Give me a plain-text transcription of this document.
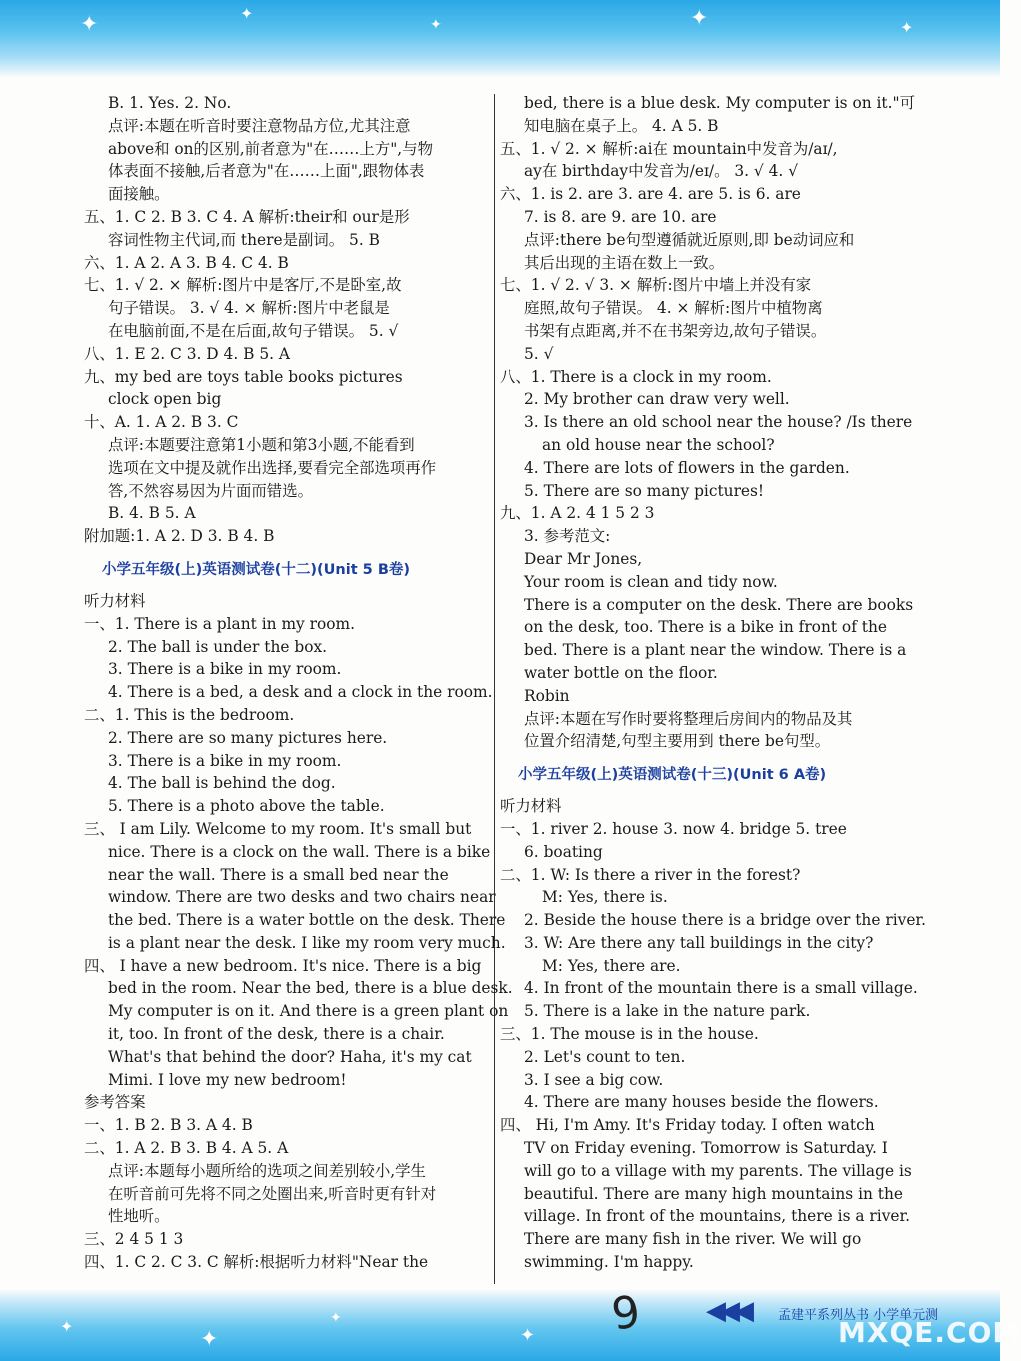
✦	✦
✦	✦	✦
B. 1. Yes. 2. No.
点评:本题在听音时要注意物品方位,尤其注意
above和 on的区别,前者意为"在……上方",与物
体表面不接触,后者意为"在……上面",跟物体表
面接触。
五、1. C 2. B 3. C 4. A 解析:their和 our是形
容词性物主代词,而 there是副词。 5. B
六、1. A 2. A 3. B 4. C 4. B
七、1. √ 2. × 解析:图片中是客厅,不是卧室,故
句子错误。 3. √ 4. × 解析:图片中老鼠是
在电脑前面,不是在后面,故句子错误。 5. √
八、1. E 2. C 3. D 4. B 5. A
九、my bed are toys table books pictures
clock open big
十、A. 1. A 2. B 3. C
点评:本题要注意第1小题和第3小题,不能看到
选项在文中提及就作出选择,要看完全部选项再作
答,不然容易因为片面而错选。
B. 4. B 5. A
附加题:1. A 2. D 3. B 4. B
小学五年级(上)英语测试卷(十二)(Unit 5 B卷)
听力材料
一、1. There is a plant in my room.
2. The ball is under the box.
3. There is a bike in my room.
4. There is a bed, a desk and a clock in the room.
二、1. This is the bedroom.
2. There are so many pictures here.
3. There is a bike in my room.
4. The ball is behind the dog.
5. There is a photo above the table.
三、 I am Lily. Welcome to my room. It's small but
nice. There is a clock on the wall. There is a bike
near the wall. There is a small bed near the
window. There are two desks and two chairs near
the bed. There is a water bottle on the desk. There
is a plant near the desk. I like my room very much.
四、 I have a new bedroom. It's nice. There is a big
bed in the room. Near the bed, there is a blue desk.
My computer is on it. And there is a green plant on
it, too. In front of the desk, there is a chair.
What's that behind the door? Haha, it's my cat
Mimi. I love my new bedroom!
参考答案
一、1. B 2. B 3. A 4. B
二、1. A 2. B 3. B 4. A 5. A
点评:本题每小题所给的选项之间差别较小,学生
在听音前可先将不同之处圈出来,听音时更有针对
性地听。
三、2 4 5 1 3
四、1. C 2. C 3. C 解析:根据听力材料"Near the
bed, there is a blue desk. My computer is on it."可
知电脑在桌子上。 4. A 5. B
五、1. √ 2. × 解析:ai在 mountain中发音为/aɪ/,
ay在 birthday中发音为/eɪ/。 3. √ 4. √
六、1. is 2. are 3. are 4. are 5. is 6. are
7. is 8. are 9. are 10. are
点评:there be句型遵循就近原则,即 be动词应和
其后出现的主语在数上一致。
七、1. √ 2. √ 3. × 解析:图片中墙上并没有家
庭照,故句子错误。 4. × 解析:图片中植物离
书架有点距离,并不在书架旁边,故句子错误。
5. √
八、1. There is a clock in my room.
2. My brother can draw very well.
3. Is there an old school near the house? /Is there
an old house near the school?
4. There are lots of flowers in the garden.
5. There are so many pictures!
九、1. A 2. 4 1 5 2 3
3. 参考范文:
Dear Mr Jones,
Your room is clean and tidy now.
There is a computer on the desk. There are books
on the desk, too. There is a bike in front of the
bed. There is a plant near the window. There is a
water bottle on the floor.
Robin
点评:本题在写作时要将整理后房间内的物品及其
位置介绍清楚,句型主要用到 there be句型。
小学五年级(上)英语测试卷(十三)(Unit 6 A卷)
听力材料
一、1. river 2. house 3. now 4. bridge 5. tree
6. boating
二、1. W: Is there a river in the forest?
M: Yes, there is.
2. Beside the house there is a bridge over the river.
3. W: Are there any tall buildings in the city?
M: Yes, there are.
4. In front of the mountain there is a small village.
5. There is a lake in the nature park.
三、1. The mouse is in the house.
2. Let's count to ten.
3. I see a big cow.
4. There are many houses beside the flowers.
四、 Hi, I'm Amy. It's Friday today. I often watch
TV on Friday evening. Tomorrow is Saturday. I
will go to a village with my parents. The village is
beautiful. There are many high mountains in the
village. In front of the mountains, there is a river.
There are many fish in the river. We will go
swimming. I'm happy.
✦
✦
✦
✦ 9 ◀◀◀ 孟建平系列丛书 小学单元测
MXQE.COM
